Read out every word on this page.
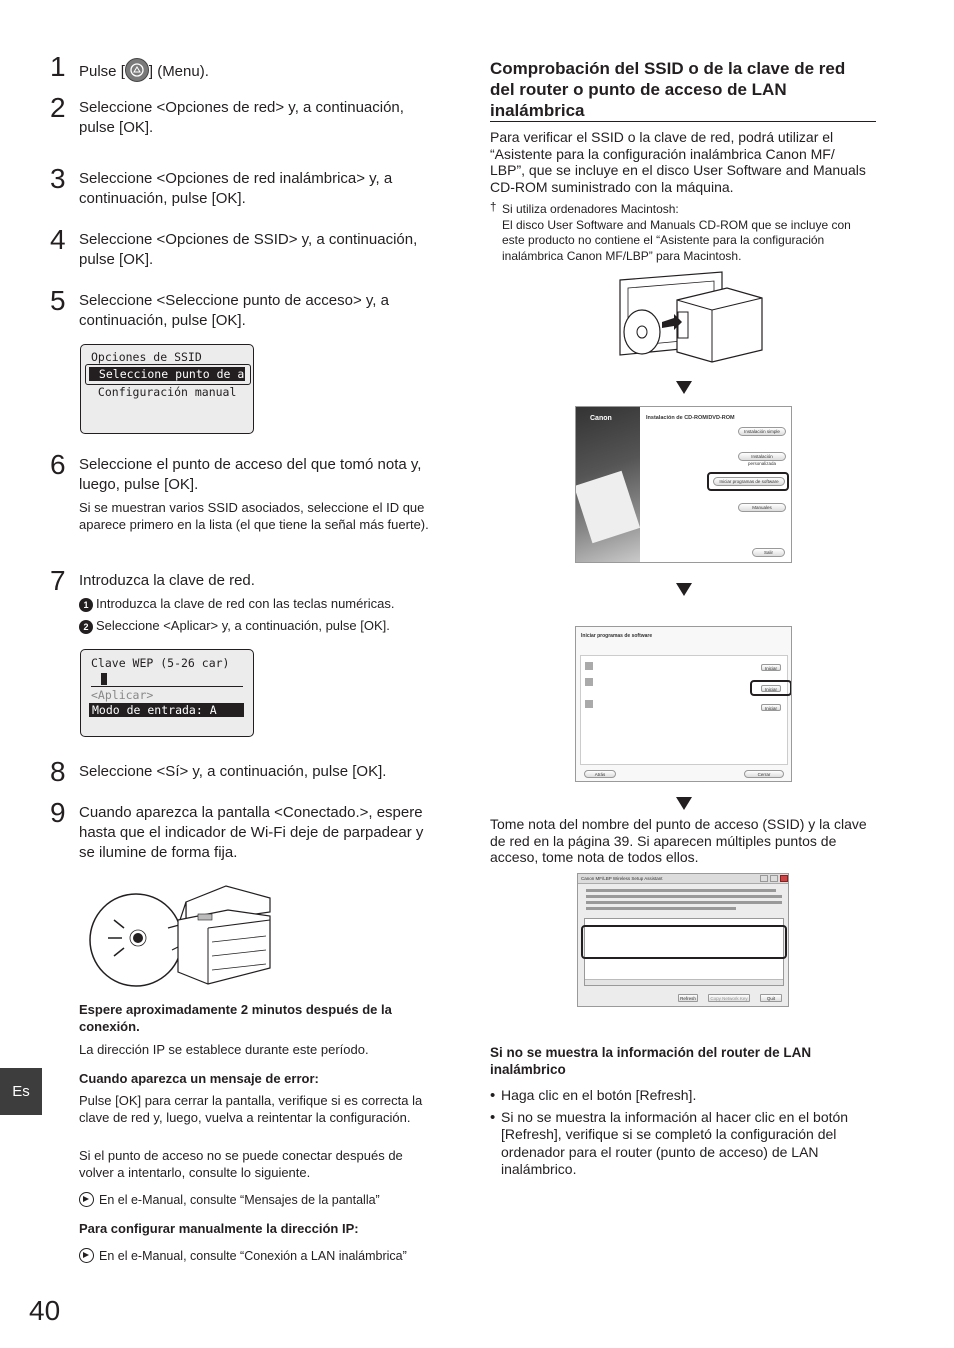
1 Pulse [ ] (Menu).
2 Seleccione <Opciones de red> y, a continuación, pulse [OK].
3 Seleccione <Opciones de red inalámbrica> y, a continuación, pulse [OK].
4 Seleccione <Opciones de SSID> y, a continuación, pulse [OK].
5 Seleccione <Seleccione punto de acceso> y, a continuación, pulse [OK].
Opciones de SSID
Seleccione punto de a
Configuración manual
6 Seleccione el punto de acceso del que tomó nota y, luego, pulse [OK].
Si se muestran varios SSID asociados, seleccione el ID que aparece primero en la lista (el que tiene la señal más fuerte).
7 Introduzca la clave de red.
1 Introduzca la clave de red con las teclas numéricas.
2 Seleccione <Aplicar> y, a continuación, pulse [OK].
Clave WEP (5-26 car)
<Aplicar>
Modo de entrada: A
8 Seleccione <Sí> y, a continuación, pulse [OK].
9 Cuando aparezca la pantalla <Conectado.>, espere hasta que el indicador de Wi-Fi deje de parpadear y se ilumine de forma fija.
Espere aproximadamente 2 minutos después de la conexión.
La dirección IP se establece durante este período.
Cuando aparezca un mensaje de error:
Pulse [OK] para cerrar la pantalla, verifique si es correcta la clave de red y, luego, vuelva a reintentar la configuración.
Si el punto de acceso no se puede conectar después de volver a intentarlo, consulte lo siguiente.
En el e-Manual, consulte “Mensajes de la pantalla”
Para configurar manualmente la dirección IP:
En el e-Manual, consulte “Conexión a LAN inalámbrica”
Es
40
Comprobación del SSID o de la clave de red del router o punto de acceso de LAN inalámbrica
Para verificar el SSID o la clave de red, podrá utilizar el “Asistente para la configuración inalámbrica Canon MF/ LBP”, que se incluye en el disco User Software and Manuals CD-ROM suministrado con la máquina.
† Si utiliza ordenadores Macintosh:
El disco User Software and Manuals CD-ROM que se incluye con este producto no contiene el “Asistente para la configuración inalámbrica Canon MF/LBP” para Macintosh.
Canon	Instalación de CD-ROM/DVD-ROM
Instalación simple
Instalación personalizada
Iniciar programas de software
Manuales
Salir
Iniciar programas de software
Iniciar
Iniciar
Iniciar
Atrás	Cerrar
Tome nota del nombre del punto de acceso (SSID) y la clave de red en la página 39. Si aparecen múltiples puntos de acceso, tome nota de todos ellos.
Canon MF/LBP Wireless Setup Assistant
Refresh	Copy Network Key	Quit
Si no se muestra la información del router de LAN inalámbrico
• Haga clic en el botón [Refresh].
• Si no se muestra la información al hacer clic en el botón [Refresh], verifique si se completó la configuración del ordenador para el router (punto de acceso) de LAN inalámbrico.
